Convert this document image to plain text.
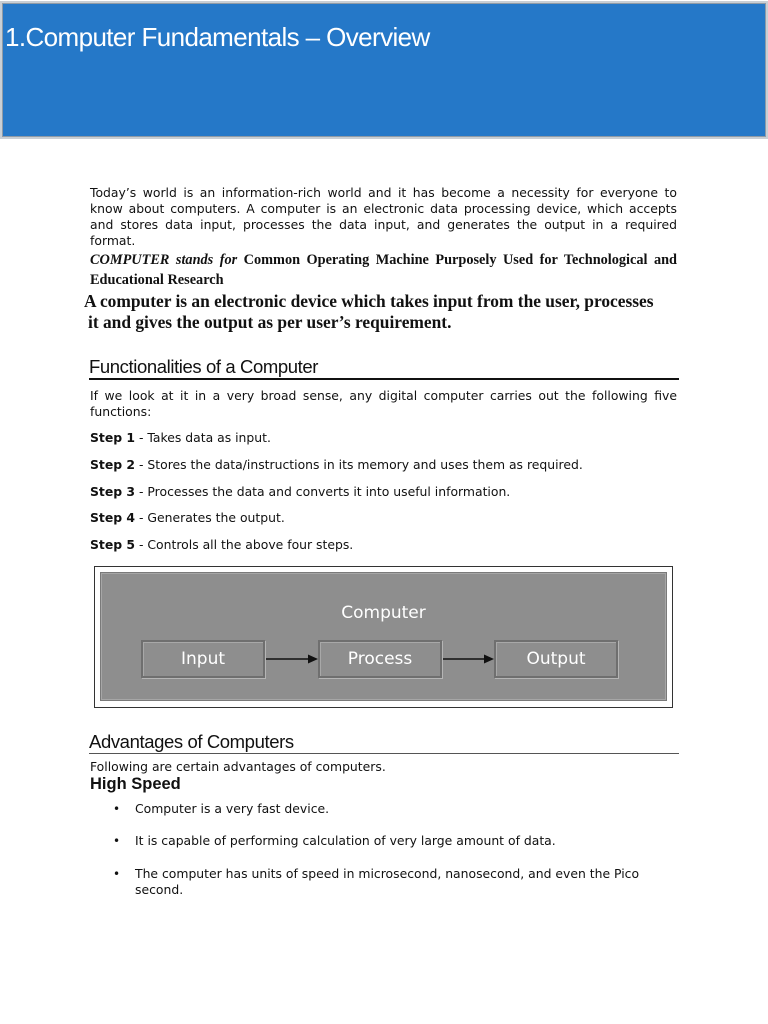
1.Computer Fundamentals – Overview

Today’s world is an information-rich world and it has become a necessity for everyone to know about computers. A computer is an electronic data processing device, which accepts and stores data input, processes the data input, and generates the output in a required format.

COMPUTER stands for Common Operating Machine Purposely Used for Technological and Educational Research

A computer is an electronic device which takes input from the user, processes
it and gives the output as per user’s requirement.
Functionalities of a Computer

If we look at it in a very broad sense, any digital computer carries out the following five functions:

Step 1 - Takes data as input.
Step 2 - Stores the data/instructions in its memory and uses them as required.
Step 3 - Processes the data and converts it into useful information.
Step 4 - Generates the output.
Step 5 - Controls all the above four steps.
Computer
Input	Process	Output
Advantages of Computers
Following are certain advantages of computers.
High Speed
• Computer is a very fast device.
• It is capable of performing calculation of very large amount of data.
• The computer has units of speed in microsecond, nanosecond, and even the Pico second.
